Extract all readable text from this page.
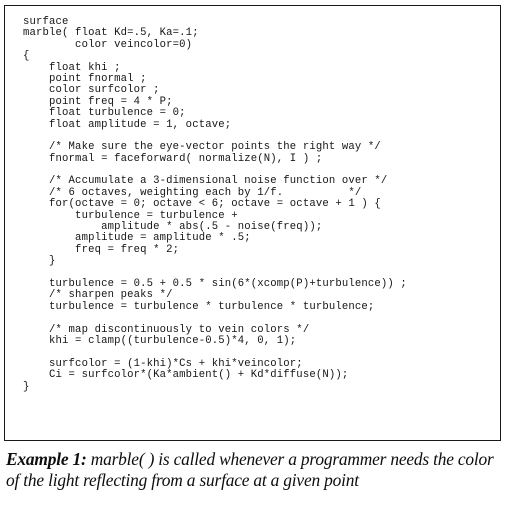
surface
marble( float Kd=.5, Ka=.1;
color veincolor=0)
{
float khi ;
point fnormal ;
color surfcolor ;
point freq = 4 * P;
float turbulence = 0;
float amplitude = 1, octave;
/* Make sure the eye-vector points the right way */
fnormal = faceforward( normalize(N), I ) ;
/* Accumulate a 3-dimensional noise function over */
/* 6 octaves, weighting each by 1/f.          */
for(octave = 0; octave < 6; octave = octave + 1 ) {
turbulence = turbulence +
amplitude * abs(.5 - noise(freq));
amplitude = amplitude * .5;
freq = freq * 2;
}
turbulence = 0.5 + 0.5 * sin(6*(xcomp(P)+turbulence)) ;
/* sharpen peaks */
turbulence = turbulence * turbulence * turbulence;
/* map discontinuously to vein colors */
khi = clamp((turbulence-0.5)*4, 0, 1);
surfcolor = (1-khi)*Cs + khi*veincolor;
Ci = surfcolor*(Ka*ambient() + Kd*diffuse(N));
}
Example 1: marble( ) is called whenever a programmer needs the color of the light reflecting from a surface at a given point
